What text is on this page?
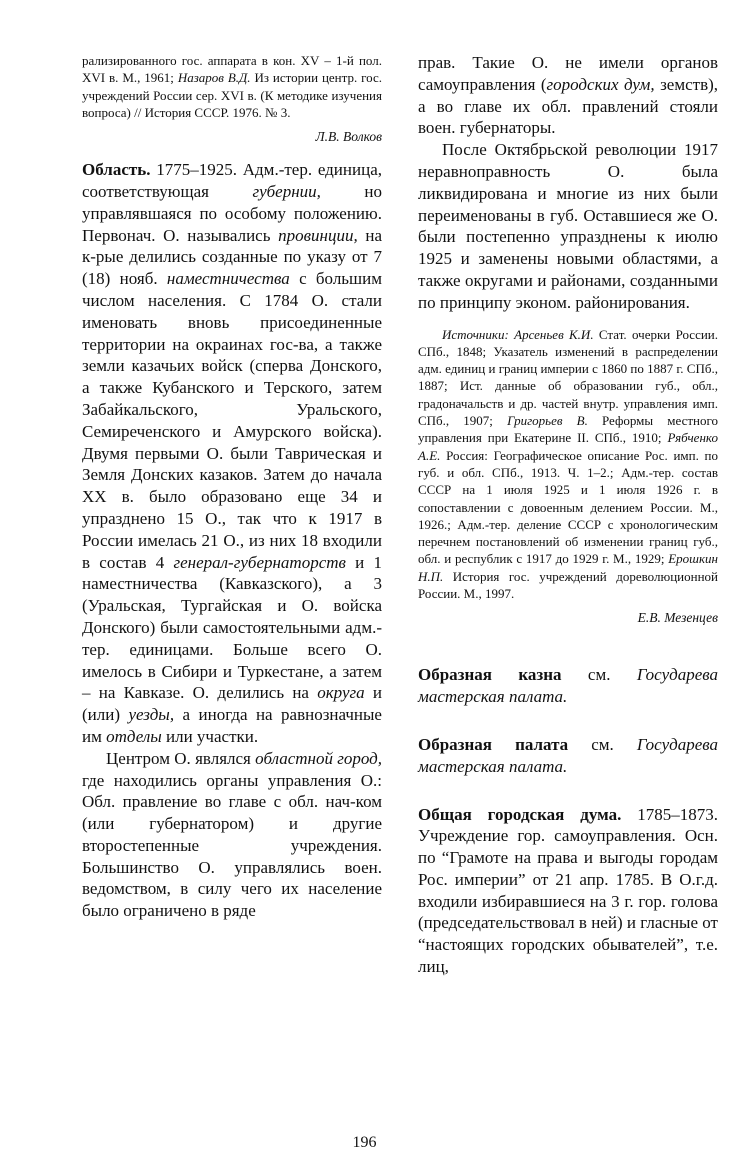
рализированного гос. аппарата в кон. XV – 1-й пол. XVI в. М., 1961; Назаров В.Д. Из истории центр. гос. учреждений России сер. XVI в. (К методике изучения вопроса) // История СССР. 1976. № 3.

Л.В. Волков

Область. 1775–1925. Адм.-тер. единица, соответствующая губернии, но управлявшаяся по особому положению. Первонач. О. назывались провинции, на к-рые делились созданные по указу от 7 (18) нояб. наместничества с большим числом населения. С 1784 О. стали именовать вновь присоединенные территории на окраинах гос-ва, а также земли казачьих войск (сперва Донского, а также Кубанского и Терского, затем Забайкальского, Уральского, Семиреченского и Амурского войска). Двумя первыми О. были Таврическая и Земля Донских казаков. Затем до начала XX в. было образовано еще 34 и упразднено 15 О., так что к 1917 в России имелась 21 О., из них 18 входили в состав 4 генерал-губернаторств и 1 наместничества (Кавказского), а 3 (Уральская, Тургайская и О. войска Донского) были самостоятельными адм.-тер. единицами. Больше всего О. имелось в Сибири и Туркестане, а затем – на Кавказе. О. делились на округа и (или) уезды, а иногда на равнозначные им отделы или участки.

Центром О. являлся областной город, где находились органы управления О.: Обл. правление во главе с обл. нач-ком (или губернатором) и другие второстепенные учреждения. Большинство О. управлялись воен. ведомством, в силу чего их население было ограничено в ряде

прав. Такие О. не имели органов самоуправления (городских дум, земств), а во главе их обл. правлений стояли воен. губернаторы.

После Октябрьской революции 1917 неравноправность О. была ликвидирована и многие из них были переименованы в губ. Оставшиеся же О. были постепенно упразднены к июлю 1925 и заменены новыми областями, а также округами и районами, созданными по принципу эконом. районирования.

Источники: Арсеньев К.И. Стат. очерки России. СПб., 1848; Указатель изменений в распределении адм. единиц и границ империи с 1860 по 1887 г. СПб., 1887; Ист. данные об образовании губ., обл., градоначальств и др. частей внутр. управления имп. СПб., 1907; Григорьев В. Реформы местного управления при Екатерине II. СПб., 1910; Рябченко А.Е. Россия: Географическое описание Рос. имп. по губ. и обл. СПб., 1913. Ч. 1–2.; Адм.-тер. состав СССР на 1 июля 1925 и 1 июля 1926 г. в сопоставлении с довоенным делением России. М., 1926.; Адм.-тер. деление СССР с хронологическим перечнем постановлений об изменении границ губ., обл. и республик с 1917 до 1929 г. М., 1929; Ерошкин Н.П. История гос. учреждений дореволюционной России. М., 1997.

Е.В. Мезенцев

Образная казна см. Государева мастерская палата.

Образная палата см. Государева мастерская палата.

Общая городская дума. 1785–1873. Учреждение гор. самоуправления. Осн. по “Грамоте на права и выгоды городам Рос. империи” от 21 апр. 1785. В О.г.д. входили избиравшиеся на 3 г. гор. голова (председательствовал в ней) и гласные от “настоящих городских обывателей”, т.е. лиц,

196
